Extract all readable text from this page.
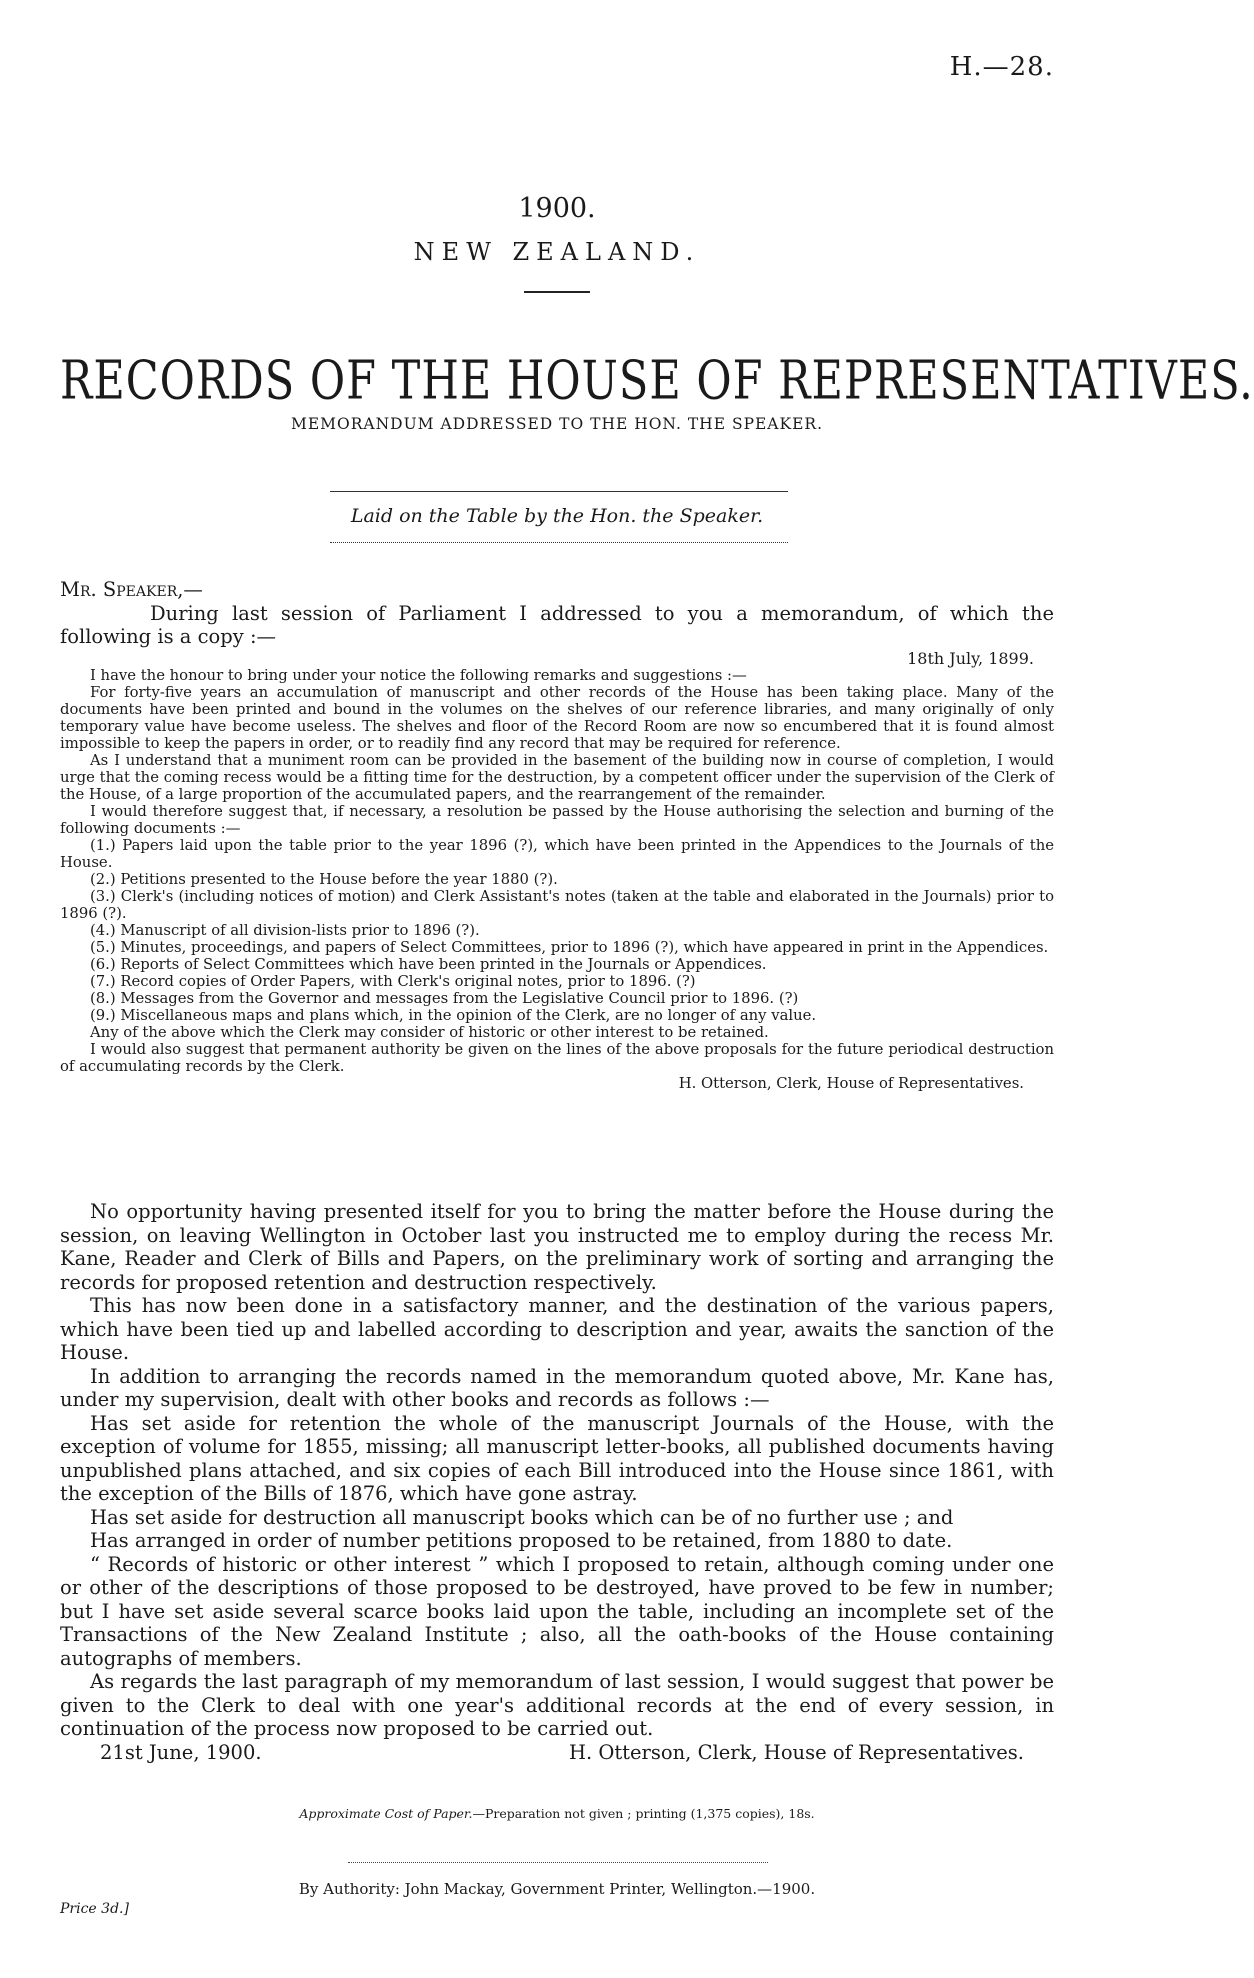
H.—28.
1900.
NEW ZEALAND.
RECORDS OF THE HOUSE OF REPRESENTATIVES.
MEMORANDUM ADDRESSED TO THE HON. THE SPEAKER.
Laid on the Table by the Hon. the Speaker.

Mr. Speaker,—

During last session of Parliament I addressed to you a memorandum, of which the following is a copy :—

18th July, 1899.

I have the honour to bring under your notice the following remarks and suggestions :—

For forty-five years an accumulation of manuscript and other records of the House has been taking place. Many of the documents have been printed and bound in the volumes on the shelves of our reference libraries, and many originally of only temporary value have become useless. The shelves and floor of the Record Room are now so encumbered that it is found almost impossible to keep the papers in order, or to readily find any record that may be required for reference.

As I understand that a muniment room can be provided in the basement of the building now in course of completion, I would urge that the coming recess would be a fitting time for the destruction, by a competent officer under the supervision of the Clerk of the House, of a large proportion of the accumulated papers, and the rearrangement of the remainder.

I would therefore suggest that, if necessary, a resolution be passed by the House authorising the selection and burning of the following documents :—

(1.) Papers laid upon the table prior to the year 1896 (?), which have been printed in the Appendices to the Journals of the House.

(2.) Petitions presented to the House before the year 1880 (?).

(3.) Clerk's (including notices of motion) and Clerk Assistant's notes (taken at the table and elaborated in the Journals) prior to 1896 (?).

(4.) Manuscript of all division-lists prior to 1896 (?).

(5.) Minutes, proceedings, and papers of Select Committees, prior to 1896 (?), which have appeared in print in the Appendices.

(6.) Reports of Select Committees which have been printed in the Journals or Appendices.

(7.) Record copies of Order Papers, with Clerk's original notes, prior to 1896. (?)

(8.) Messages from the Governor and messages from the Legislative Council prior to 1896. (?)

(9.) Miscellaneous maps and plans which, in the opinion of the Clerk, are no longer of any value.

Any of the above which the Clerk may consider of historic or other interest to be retained.

I would also suggest that permanent authority be given on the lines of the above proposals for the future periodical destruction of accumulating records by the Clerk.

H. Otterson, Clerk, House of Representatives.

No opportunity having presented itself for you to bring the matter before the House during the session, on leaving Wellington in October last you instructed me to employ during the recess Mr. Kane, Reader and Clerk of Bills and Papers, on the preliminary work of sorting and arranging the records for proposed retention and destruction respectively.

This has now been done in a satisfactory manner, and the destination of the various papers, which have been tied up and labelled according to description and year, awaits the sanction of the House.

In addition to arranging the records named in the memorandum quoted above, Mr. Kane has, under my supervision, dealt with other books and records as follows :—

Has set aside for retention the whole of the manuscript Journals of the House, with the exception of volume for 1855, missing; all manuscript letter-books, all published documents having unpublished plans attached, and six copies of each Bill introduced into the House since 1861, with the exception of the Bills of 1876, which have gone astray.

Has set aside for destruction all manuscript books which can be of no further use ; and

Has arranged in order of number petitions proposed to be retained, from 1880 to date.

“ Records of historic or other interest ” which I proposed to retain, although coming under one or other of the descriptions of those proposed to be destroyed, have proved to be few in number; but I have set aside several scarce books laid upon the table, including an incomplete set of the Transactions of the New Zealand Institute ; also, all the oath-books of the House containing autographs of members.

As regards the last paragraph of my memorandum of last session, I would suggest that power be given to the Clerk to deal with one year's additional records at the end of every session, in continuation of the process now proposed to be carried out.

21st June, 1900.	H. Otterson, Clerk, House of Representatives.
Approximate Cost of Paper.—Preparation not given ; printing (1,375 copies), 18s.
By Authority: John Mackay, Government Printer, Wellington.—1900.
Price 3d.]
